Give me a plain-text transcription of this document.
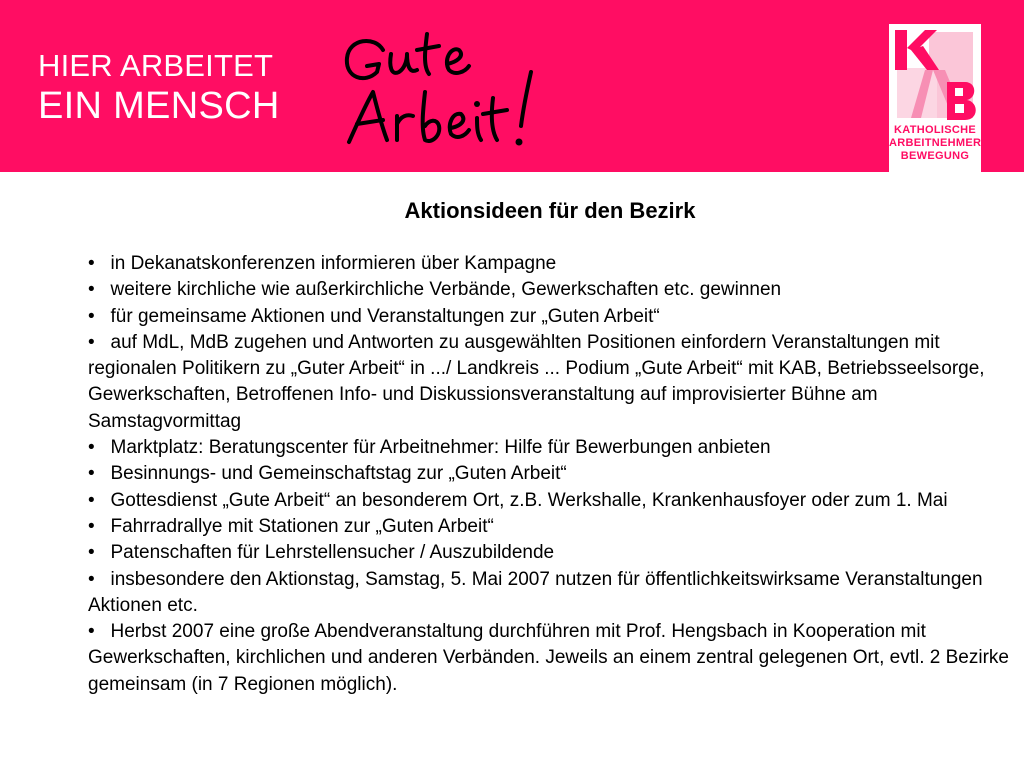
HIER ARBEITET
EIN MENSCH
KATHOLISCHE
ARBEITNEHMER-
BEWEGUNG
Aktionsideen für den Bezirk
• in Dekanatskonferenzen informieren über Kampagne
•   weitere kirchliche wie außerkirchliche Verbände, Gewerkschaften etc. gewinnen
• für gemeinsame Aktionen und Veranstaltungen zur „Guten Arbeit“
•   auf MdL, MdB zugehen und Antworten zu ausgewählten Positionen einfordern Veranstaltungen mit regionalen Politikern zu „Guter Arbeit“ in .../ Landkreis ... Podium „Gute Arbeit“ mit KAB, Betriebsseelsorge, Gewerkschaften, Betroffenen Info- und Diskussionsveranstaltung auf improvisierter Bühne am Samstagvormittag
• Marktplatz: Beratungscenter für Arbeitnehmer: Hilfe für Bewerbungen anbieten
• Besinnungs- und Gemeinschaftstag zur „Guten Arbeit“
• Gottesdienst „Gute Arbeit“ an besonderem Ort, z.B. Werkshalle, Krankenhausfoyer oder zum 1. Mai
• Fahrradrallye mit Stationen zur „Guten Arbeit“
• Patenschaften für Lehrstellensucher / Auszubildende
• insbesondere den Aktionstag, Samstag, 5. Mai 2007 nutzen für öffentlichkeitswirksame Veranstaltungen Aktionen etc.
• Herbst 2007 eine große Abendveranstaltung durchführen mit Prof. Hengsbach in Kooperation mit Gewerkschaften, kirchlichen und anderen Verbänden. Jeweils an einem zentral gelegenen Ort, evtl. 2 Bezirke gemeinsam (in 7 Regionen möglich).
